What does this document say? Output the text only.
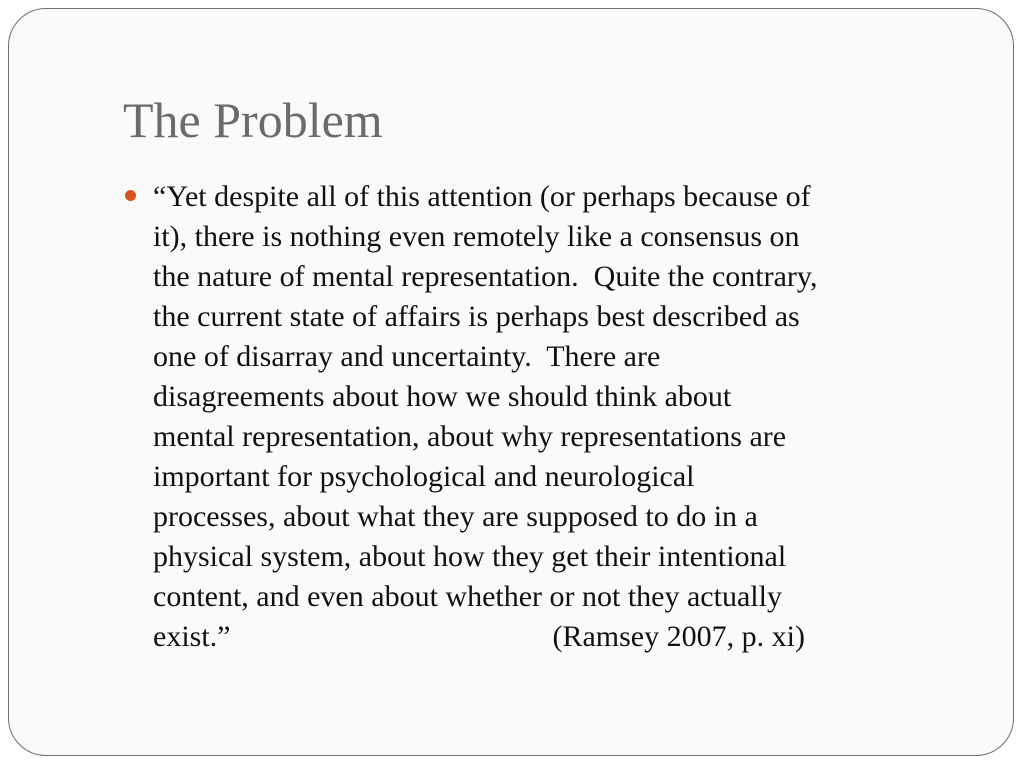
The Problem
“Yet despite all of this attention (or perhaps because of
it), there is nothing even remotely like a consensus on
the nature of mental representation.  Quite the contrary,
the current state of affairs is perhaps best described as
one of disarray and uncertainty.  There are
disagreements about how we should think about
mental representation, about why representations are
important for psychological and neurological
processes, about what they are supposed to do in a
physical system, about how they get their intentional
content, and even about whether or not they actually
exist.”	(Ramsey 2007, p. xi)
